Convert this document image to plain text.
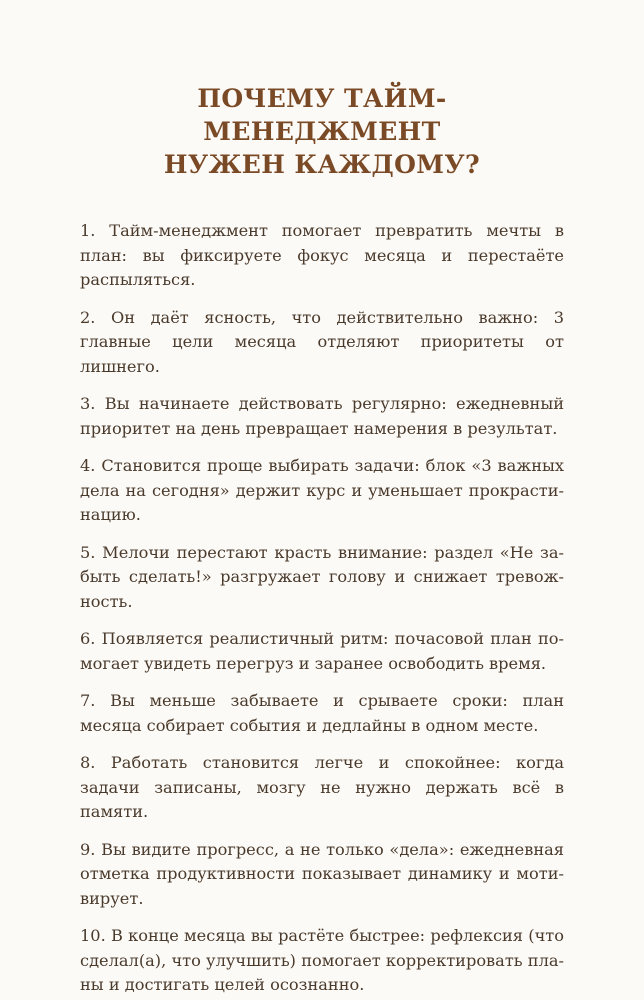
ПОЧЕМУ ТАЙМ-МЕНЕДЖМЕНТ
НУЖЕН КАЖДОМУ?
1. Тайм-менеджмент помогает превратить мечты в план: вы фиксируете фокус месяца и перестаёте распыляться.
2. Он даёт ясность, что действительно важно: 3 главные цели месяца отделяют приоритеты от лишнего.
3. Вы начинаете действовать регулярно: ежедневный приоритет на день превращает намерения в результат.
4. Становится проще выбирать задачи: блок «3 важных дела на сегодня» держит курс и уменьшает прокрастинацию.
5. Мелочи перестают красть внимание: раздел «Не забыть сделать!» разгружает голову и снижает тревожность.
6. Появляется реалистичный ритм: почасовой план помогает увидеть перегруз и заранее освободить время.
7. Вы меньше забываете и срываете сроки: план месяца собирает события и дедлайны в одном месте.
8. Работать становится легче и спокойнее: когда задачи записаны, мозгу не нужно держать всё в памяти.
9. Вы видите прогресс, а не только «дела»: ежедневная отметка продуктивности показывает динамику и мотивирует.
10. В конце месяца вы растёте быстрее: рефлексия (что сделал(а), что улучшить) помогает корректировать планы и достигать целей осознанно.
